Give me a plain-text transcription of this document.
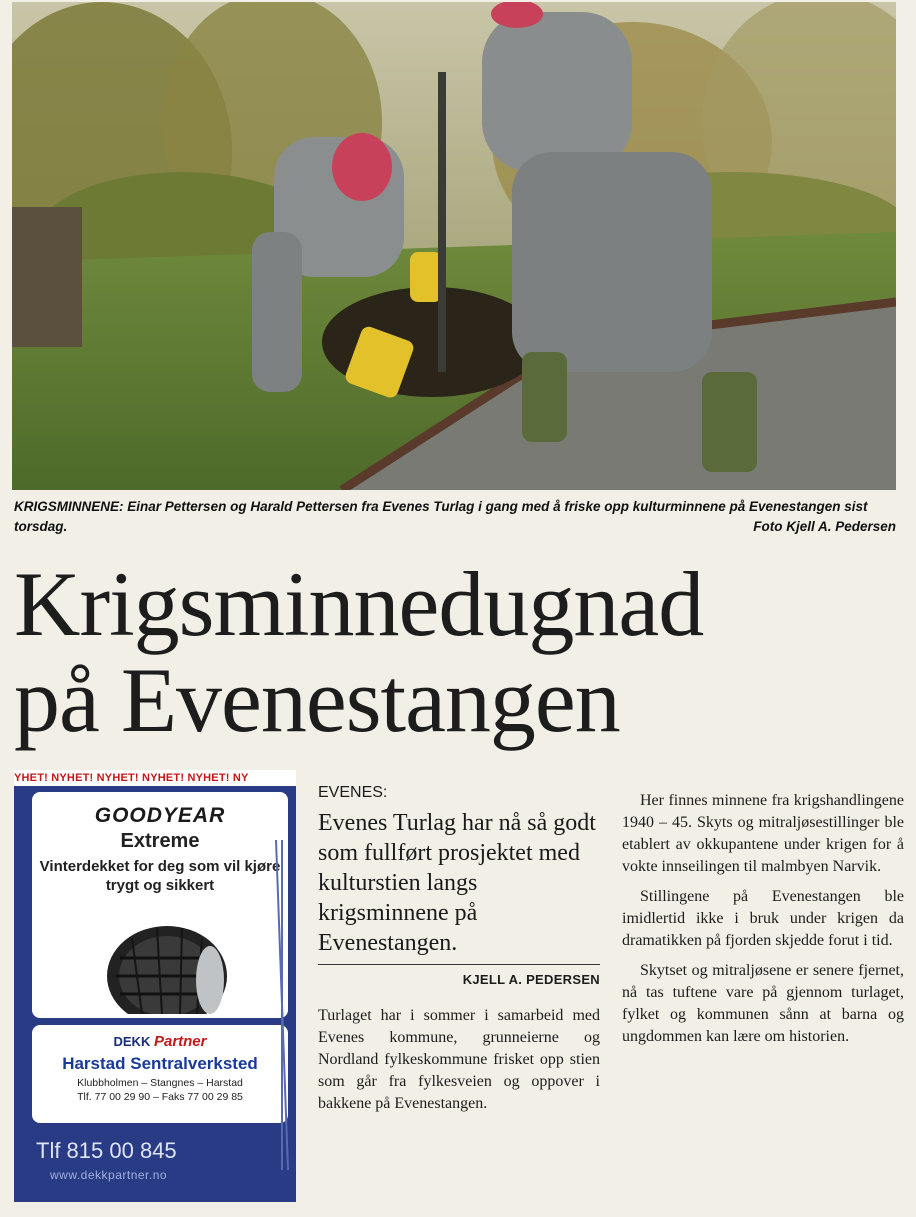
KRIGSMINNENE: Einar Pettersen og Harald Pettersen fra Evenes Turlag i gang med å friske opp kulturminnene på Evenestangen sist torsdag.	Foto Kjell A. Pedersen
Krigsminnedugnad
på Evenestangen
YHET! NYHET! NYHET! NYHET! NYHET! NY
GOODYEAR
Extreme
Vinterdekket for deg som vil kjøre trygt og sikkert
DEKK Partner
Harstad Sentralverksted
Klubbholmen – Stangnes – Harstad
Tlf. 77 00 29 90 – Faks 77 00 29 85
Tlf 815 00 845
www.dekkpartner.no
EVENES:
Evenes Turlag har nå så godt som fullført prosjektet med kulturstien langs krigsminnene på Evenestangen.
KJELL A. PEDERSEN

Turlaget har i sommer i samarbeid med Evenes kommune, grunneierne og Nordland fylkeskommune frisket opp stien som går fra fylkesveien og oppover i bakkene på Evenestangen.

Her finnes minnene fra krigshandlingene 1940 – 45. Skyts og mitraljøsestillinger ble etablert av okkupantene under krigen for å vokte innseilingen til malmbyen Narvik.

Stillingene på Evenestangen ble imidlertid ikke i bruk under krigen da dramatikken på fjorden skjedde forut i tid.

Skytset og mitraljøsene er senere fjernet, nå tas tuftene vare på gjennom turlaget, fylket og kommunen sånn at barna og ungdommen kan lære om historien.
